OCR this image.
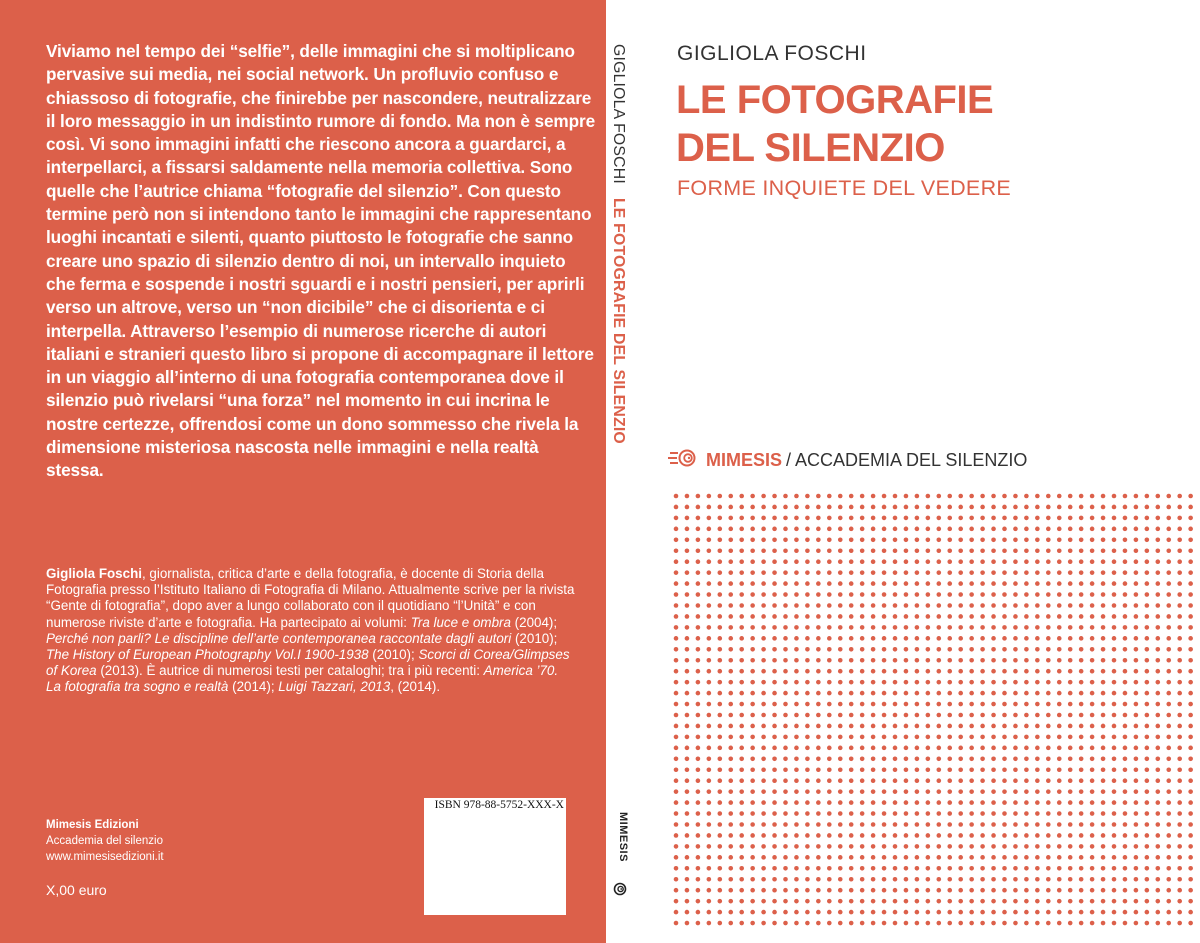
Viviamo nel tempo dei “selfie”, delle immagini che si moltiplicano pervasive sui media, nei social network. Un profluvio confuso e chiassoso di fotografie, che finirebbe per nascondere, neutralizzare il loro messaggio in un indistinto rumore di fondo. Ma non è sempre così. Vi sono immagini infatti che riescono ancora a guardarci, a interpellarci, a fissarsi saldamente nella memoria collettiva. Sono quelle che l’autrice chiama “fotografie del silenzio”. Con questo termine però non si intendono tanto le immagini che rappresentano luoghi incantati e silenti, quanto piuttosto le fotografie che sanno creare uno spazio di silenzio dentro di noi, un intervallo inquieto che ferma e sospende i nostri sguardi e i nostri pensieri, per aprirli verso un altrove, verso un “non dicibile” che ci disorienta e ci interpella. Attraverso l’esempio di numerose ricerche di autori italiani e stranieri questo libro si propone di accompagnare il lettore in un viaggio all’interno di una fotografia contemporanea dove il silenzio può rivelarsi “una forza” nel momento in cui incrina le nostre certezze, offrendosi come un dono sommesso che rivela la dimensione misteriosa nascosta nelle immagini e nella realtà stessa.
Gigliola Foschi, giornalista, critica d’arte e della fotografia, è docente di Storia della Fotografia presso l’Istituto Italiano di Fotografia di Milano. Attualmente scrive per la rivista “Gente di fotografia”, dopo aver a lungo collaborato con il quotidiano “l’Unità” e con numerose riviste d’arte e fotografia. Ha partecipato ai volumi: Tra luce e ombra (2004); Perché non parli? Le discipline dell’arte contemporanea raccontate dagli autori (2010); The History of European Photography Vol.I 1900-1938 (2010); Scorci di Corea/Glimpses of Korea (2013). È autrice di numerosi testi per cataloghi; tra i più recenti: America ’70. La fotografia tra sogno e realtà (2014); Luigi Tazzari, 2013, (2014).
Mimesis Edizioni
Accademia del silenzio
www.mimesisedizioni.it
X,00 euro
ISBN 978-88-5752-XXX-X
GIGLIOLA FOSCHILE FOTOGRAFIE DEL SILENZIO
MIMESIS
GIGLIOLA FOSCHI
LE FOTOGRAFIE
DEL SILENZIO
FORME INQUIETE DEL VEDERE
MIMESIS / ACCADEMIA DEL SILENZIO
